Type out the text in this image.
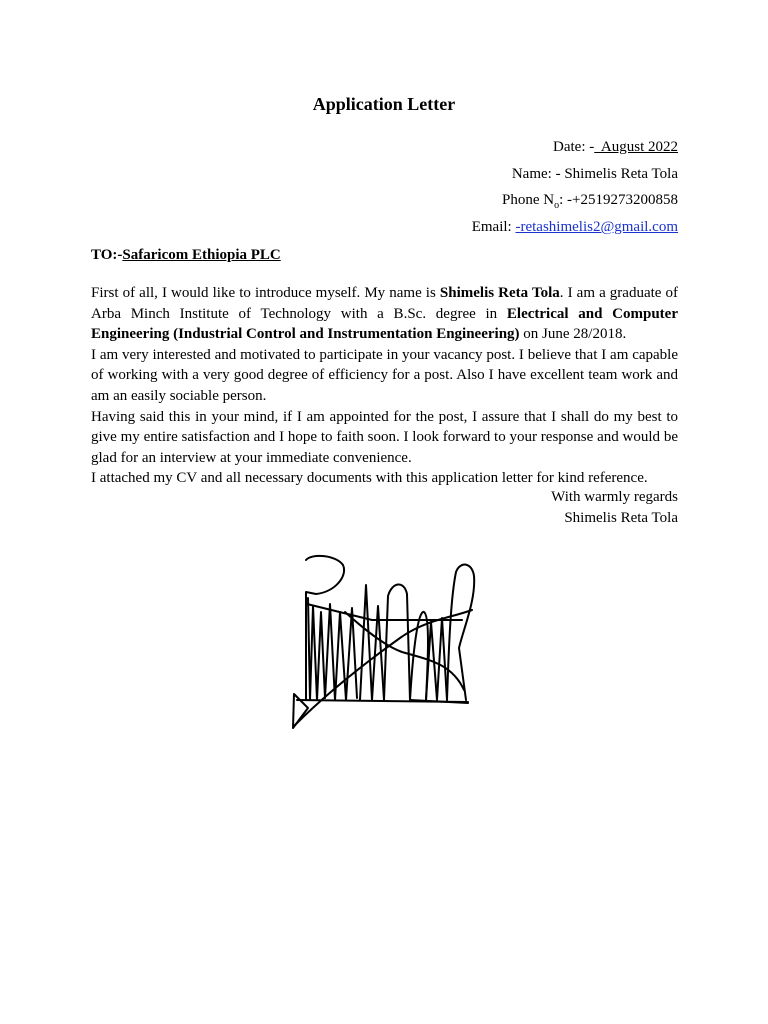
Application Letter
Date: -  August 2022
Name: - Shimelis Reta Tola
Phone $N_o$: -+2519273200858
Email: -retashimelis2@gmail.com
TO:-Safaricom Ethiopia PLC

First of all, I would like to introduce myself. My name is Shimelis Reta Tola. I am a graduate of Arba Minch Institute of Technology with a B.Sc. degree in Electrical and Computer Engineering (Industrial Control and Instrumentation Engineering) on June 28/2018.

I am very interested and motivated to participate in your vacancy post. I believe that I am capable of working with a very good degree of efficiency for a post. Also I have excellent team work and am an easily sociable person.

Having said this in your mind, if I am appointed for the post, I assure that I shall do my best to give my entire satisfaction and I hope to faith soon. I look forward to your response and would be glad for an interview at your immediate convenience.

I attached my CV and all necessary documents with this application letter for kind reference.

With warmly regards
Shimelis Reta Tola
